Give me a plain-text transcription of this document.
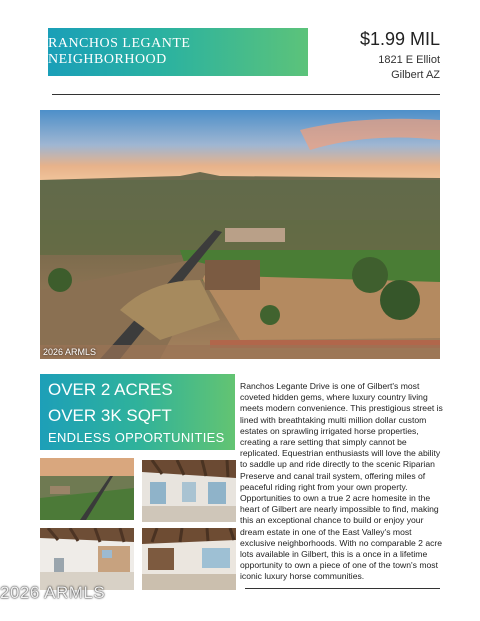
RANCHOS LEGANTE NEIGHBORHOOD
$1.99 MIL
1821 E Elliot
Gilbert AZ
2026 ARMLS
OVER 2 ACRES
OVER 3K SQFT
ENDLESS OPPORTUNITIES
Ranchos Legante Drive is one of Gilbert's most coveted hidden gems, where luxury country living meets modern convenience. This prestigious street is lined with breathtaking multi million dollar custom estates on sprawling irrigated horse properties, creating a rare setting that simply cannot be replicated. Equestrian enthusiasts will love the ability to saddle up and ride directly to the scenic Riparian Preserve and canal trail system, offering miles of peaceful riding right from your own property. Opportunities to own a true 2 acre homesite in the heart of Gilbert are nearly impossible to find, making this an exceptional chance to build or enjoy your dream estate in one of the East Valley's most exclusive neighborhoods. With no comparable 2 acre lots available in Gilbert, this is a once in a lifetime opportunity to own a piece of one of the town's most iconic luxury horse communities.
2026 ARMLS
